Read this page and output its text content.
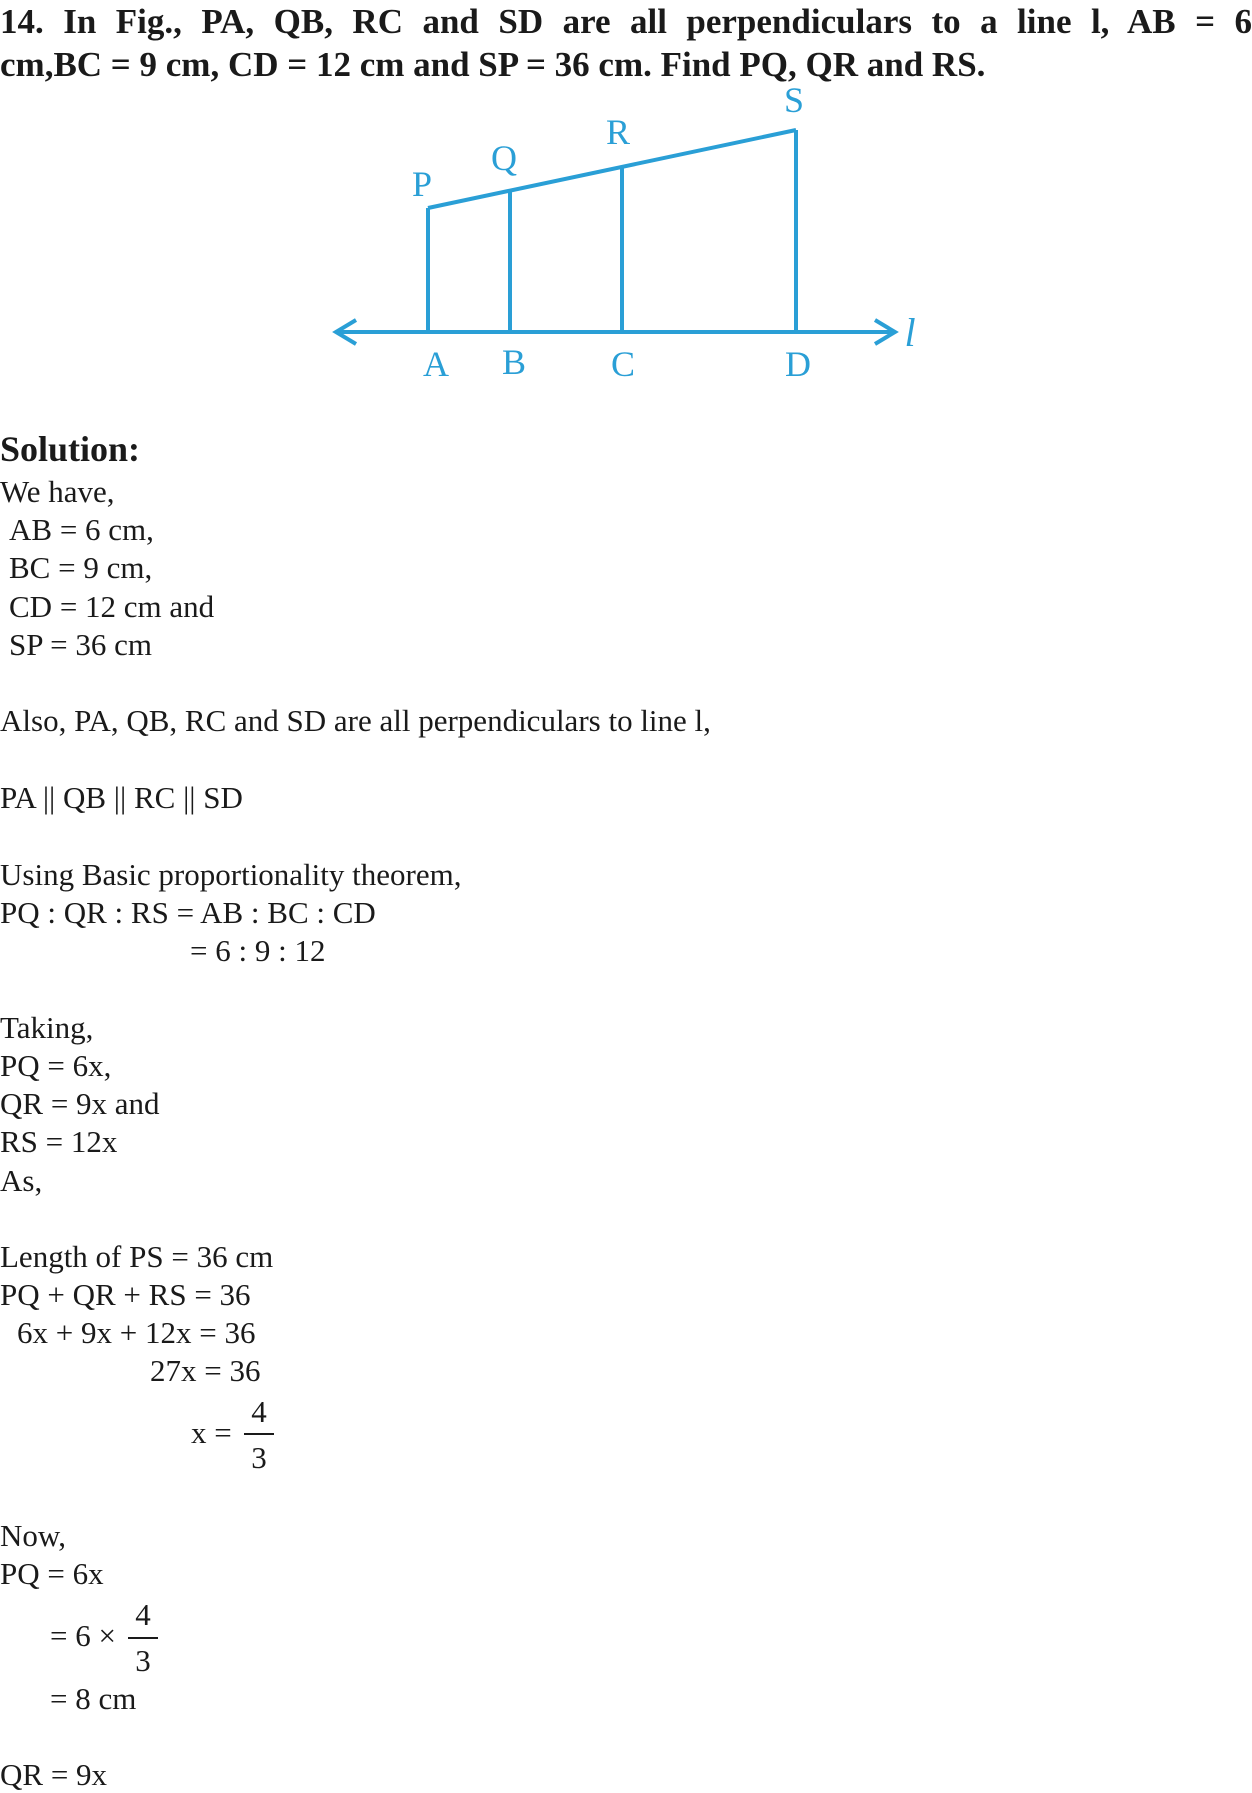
14. In Fig., PA, QB, RC and SD are all perpendiculars to a line l, AB = 6
cm,BC = 9 cm, CD = 12 cm and SP = 36 cm. Find PQ, QR and RS.
P
Q
R
S
A B C	D
l
Solution:
We have,
AB = 6 cm,
BC = 9 cm,
CD = 12 cm and
SP = 36 cm
Also, PA, QB, RC and SD are all perpendiculars to line l,
PA || QB || RC || SD
Using Basic proportionality theorem,
PQ : QR : RS = AB : BC : CD
= 6 : 9 : 12
Taking,
PQ = 6x,
QR = 9x and
RS = 12x
As,
Length of PS = 36 cm
PQ + QR + RS = 36
6x + 9x + 12x = 36
27x = 36
x =
4
3
Now,
PQ = 6x
= 6 ×
4
3
= 8 cm
QR = 9x
